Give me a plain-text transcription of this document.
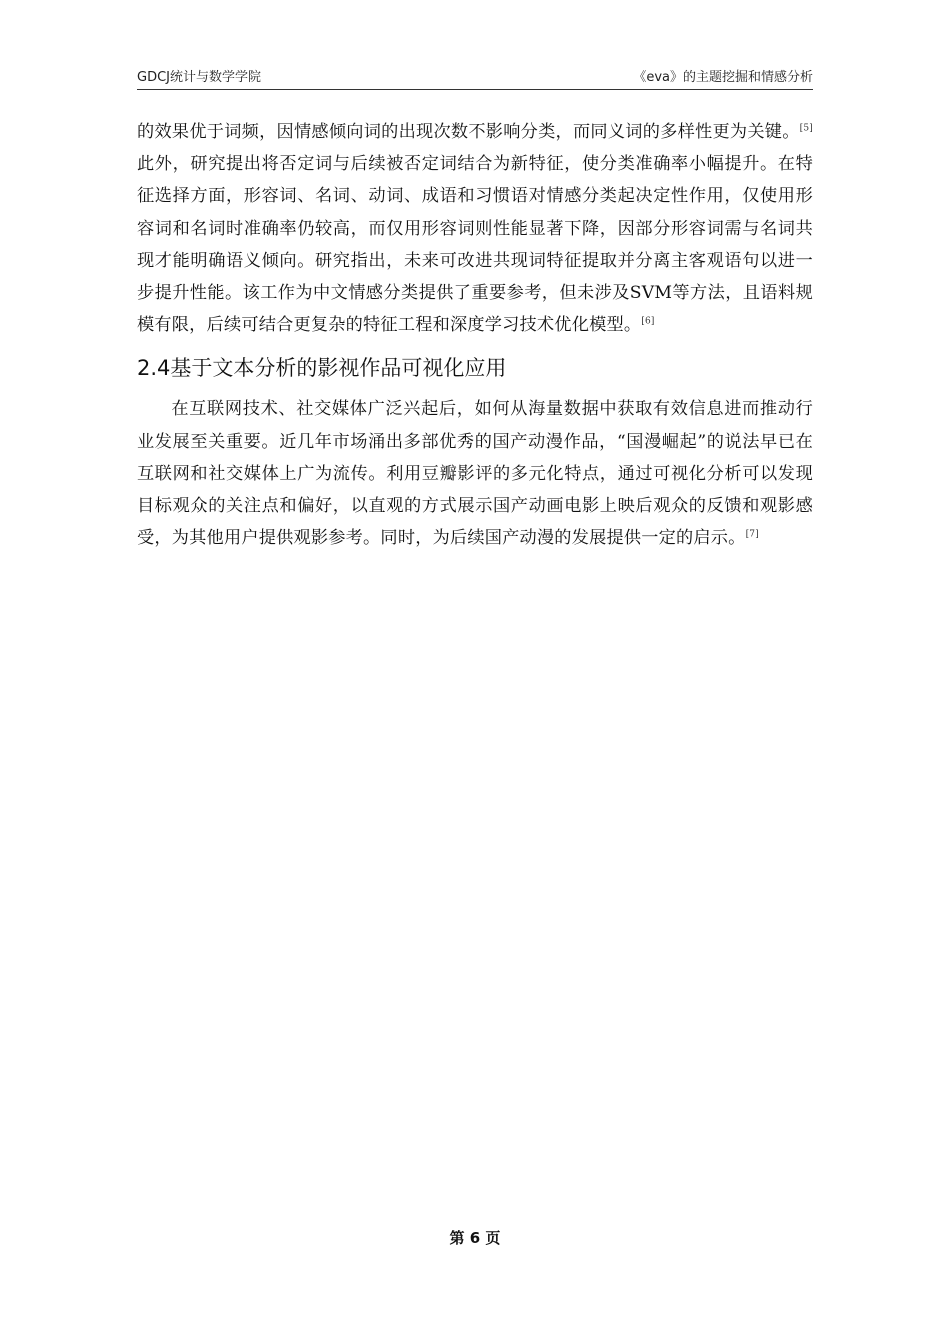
GDCJ统计与数学学院	《eva》的主题挖掘和情感分析

的效果优于词频，因情感倾向词的出现次数不影响分类，而同义词的多样性更为关键。[5]此外，研究提出将否定词与后续被否定词结合为新特征，使分类准确率小幅提升。在特征选择方面，形容词、名词、动词、成语和习惯语对情感分类起决定性作用，仅使用形容词和名词时准确率仍较高，而仅用形容词则性能显著下降，因部分形容词需与名词共现才能明确语义倾向。研究指出，未来可改进共现词特征提取并分离主客观语句以进一步提升性能。该工作为中文情感分类提供了重要参考，但未涉及SVM等方法，且语料规模有限，后续可结合更复杂的特征工程和深度学习技术优化模型。[6]

2.4基于文本分析的影视作品可视化应用

在互联网技术、社交媒体广泛兴起后，如何从海量数据中获取有效信息进而推动行业发展至关重要。近几年市场涌出多部优秀的国产动漫作品，“国漫崛起”的说法早已在互联网和社交媒体上广为流传。利用豆瓣影评的多元化特点，通过可视化分析可以发现目标观众的关注点和偏好，以直观的方式展示国产动画电影上映后观众的反馈和观影感受，为其他用户提供观影参考。同时，为后续国产动漫的发展提供一定的启示。[7]

第 6 页
